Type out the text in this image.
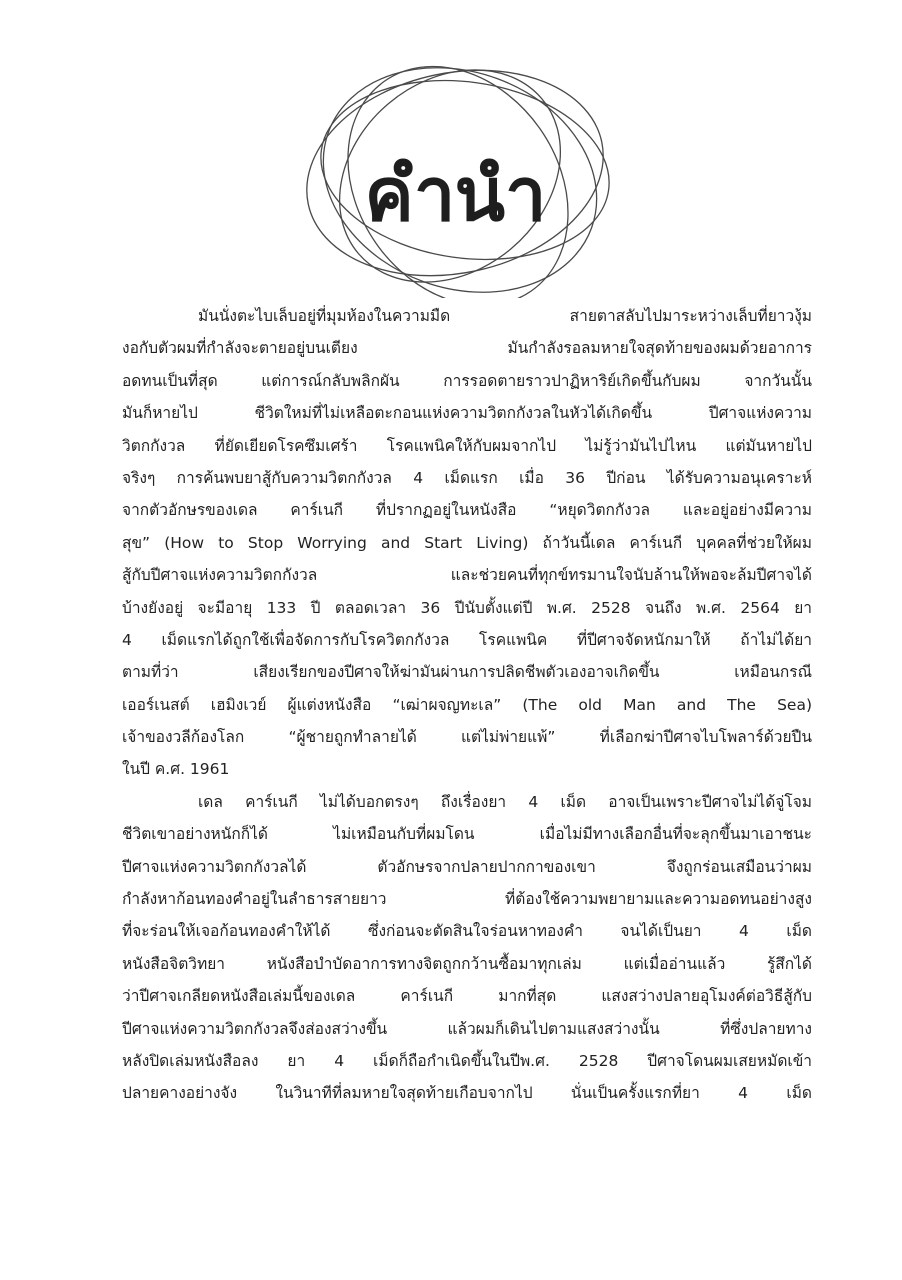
คำนำ
มันนั่งตะไบเล็บอยู่ที่มุมห้องในความมืด สายตาสลับไปมาระหว่างเล็บที่ยาวงุ้ม
งอกับตัวผมที่กำลังจะตายอยู่บนเตียง มันกำลังรอลมหายใจสุดท้ายของผมด้วยอาการ
อดทนเป็นที่สุด แต่การณ์กลับพลิกผัน การรอดตายราวปาฏิหาริย์เกิดขึ้นกับผม จากวันนั้น
มันก็หายไป ชีวิตใหม่ที่ไม่เหลือตะกอนแห่งความวิตกกังวลในหัวได้เกิดขึ้น ปีศาจแห่งความ
วิตกกังวล ที่ยัดเยียดโรคซึมเศร้า โรคแพนิคให้กับผมจากไป ไม่รู้ว่ามันไปไหน แต่มันหายไป
จริงๆ การค้นพบยาสู้กับความวิตกกังวล 4 เม็ดแรก เมื่อ 36 ปีก่อน ได้รับความอนุเคราะห์
จากตัวอักษรของเดล คาร์เนกี ที่ปรากฏอยู่ในหนังสือ “หยุดวิตกกังวล และอยู่อย่างมีความ
สุข” (How to Stop Worrying and Start Living) ถ้าวันนี้เดล คาร์เนกี บุคคลที่ช่วยให้ผม
สู้กับปีศาจแห่งความวิตกกังวล และช่วยคนที่ทุกข์ทรมานใจนับล้านให้พอจะล้มปีศาจได้
บ้างยังอยู่ จะมีอายุ 133 ปี ตลอดเวลา 36 ปีนับตั้งแต่ปี พ.ศ. 2528 จนถึง พ.ศ. 2564 ยา
4 เม็ดแรกได้ถูกใช้เพื่อจัดการกับโรควิตกกังวล โรคแพนิค ที่ปีศาจจัดหนักมาให้ ถ้าไม่ได้ยา
ตามที่ว่า เสียงเรียกของปีศาจให้ฆ่ามันผ่านการปลิดชีพตัวเองอาจเกิดขึ้น เหมือนกรณี
เออร์เนสต์ เฮมิงเวย์ ผู้แต่งหนังสือ “เฒ่าผจญทะเล” (The old Man and The Sea)
เจ้าของวลีก้องโลก “ผู้ชายถูกทำลายได้ แต่ไม่พ่ายแพ้” ที่เลือกฆ่าปีศาจไบโพลาร์ด้วยปืน
ในปี ค.ศ. 1961
เดล คาร์เนกี ไม่ได้บอกตรงๆ ถึงเรื่องยา 4 เม็ด อาจเป็นเพราะปีศาจไม่ได้จู่โจม
ชีวิตเขาอย่างหนักก็ได้ ไม่เหมือนกับที่ผมโดน เมื่อไม่มีทางเลือกอื่นที่จะลุกขึ้นมาเอาชนะ
ปีศาจแห่งความวิตกกังวลได้ ตัวอักษรจากปลายปากกาของเขา จึงถูกร่อนเสมือนว่าผม
กำลังหาก้อนทองคำอยู่ในลำธารสายยาว ที่ต้องใช้ความพยายามและความอดทนอย่างสูง
ที่จะร่อนให้เจอก้อนทองคำให้ได้ ซึ่งก่อนจะตัดสินใจร่อนหาทองคำ จนได้เป็นยา 4 เม็ด
หนังสือจิตวิทยา หนังสือบำบัดอาการทางจิตถูกกว้านซื้อมาทุกเล่ม แต่เมื่ออ่านแล้ว รู้สึกได้
ว่าปีศาจเกลียดหนังสือเล่มนี้ของเดล คาร์เนกี มากที่สุด แสงสว่างปลายอุโมงค์ต่อวิธีสู้กับ
ปีศาจแห่งความวิตกกังวลจึงส่องสว่างขึ้น แล้วผมก็เดินไปตามแสงสว่างนั้น ที่ซึ่งปลายทาง
หลังปิดเล่มหนังสือลง ยา 4 เม็ดก็ถือกำเนิดขึ้นในปีพ.ศ. 2528 ปีศาจโดนผมเสยหมัดเข้า
ปลายคางอย่างจัง ในวินาทีที่ลมหายใจสุดท้ายเกือบจากไป นั่นเป็นครั้งแรกที่ยา 4 เม็ด
